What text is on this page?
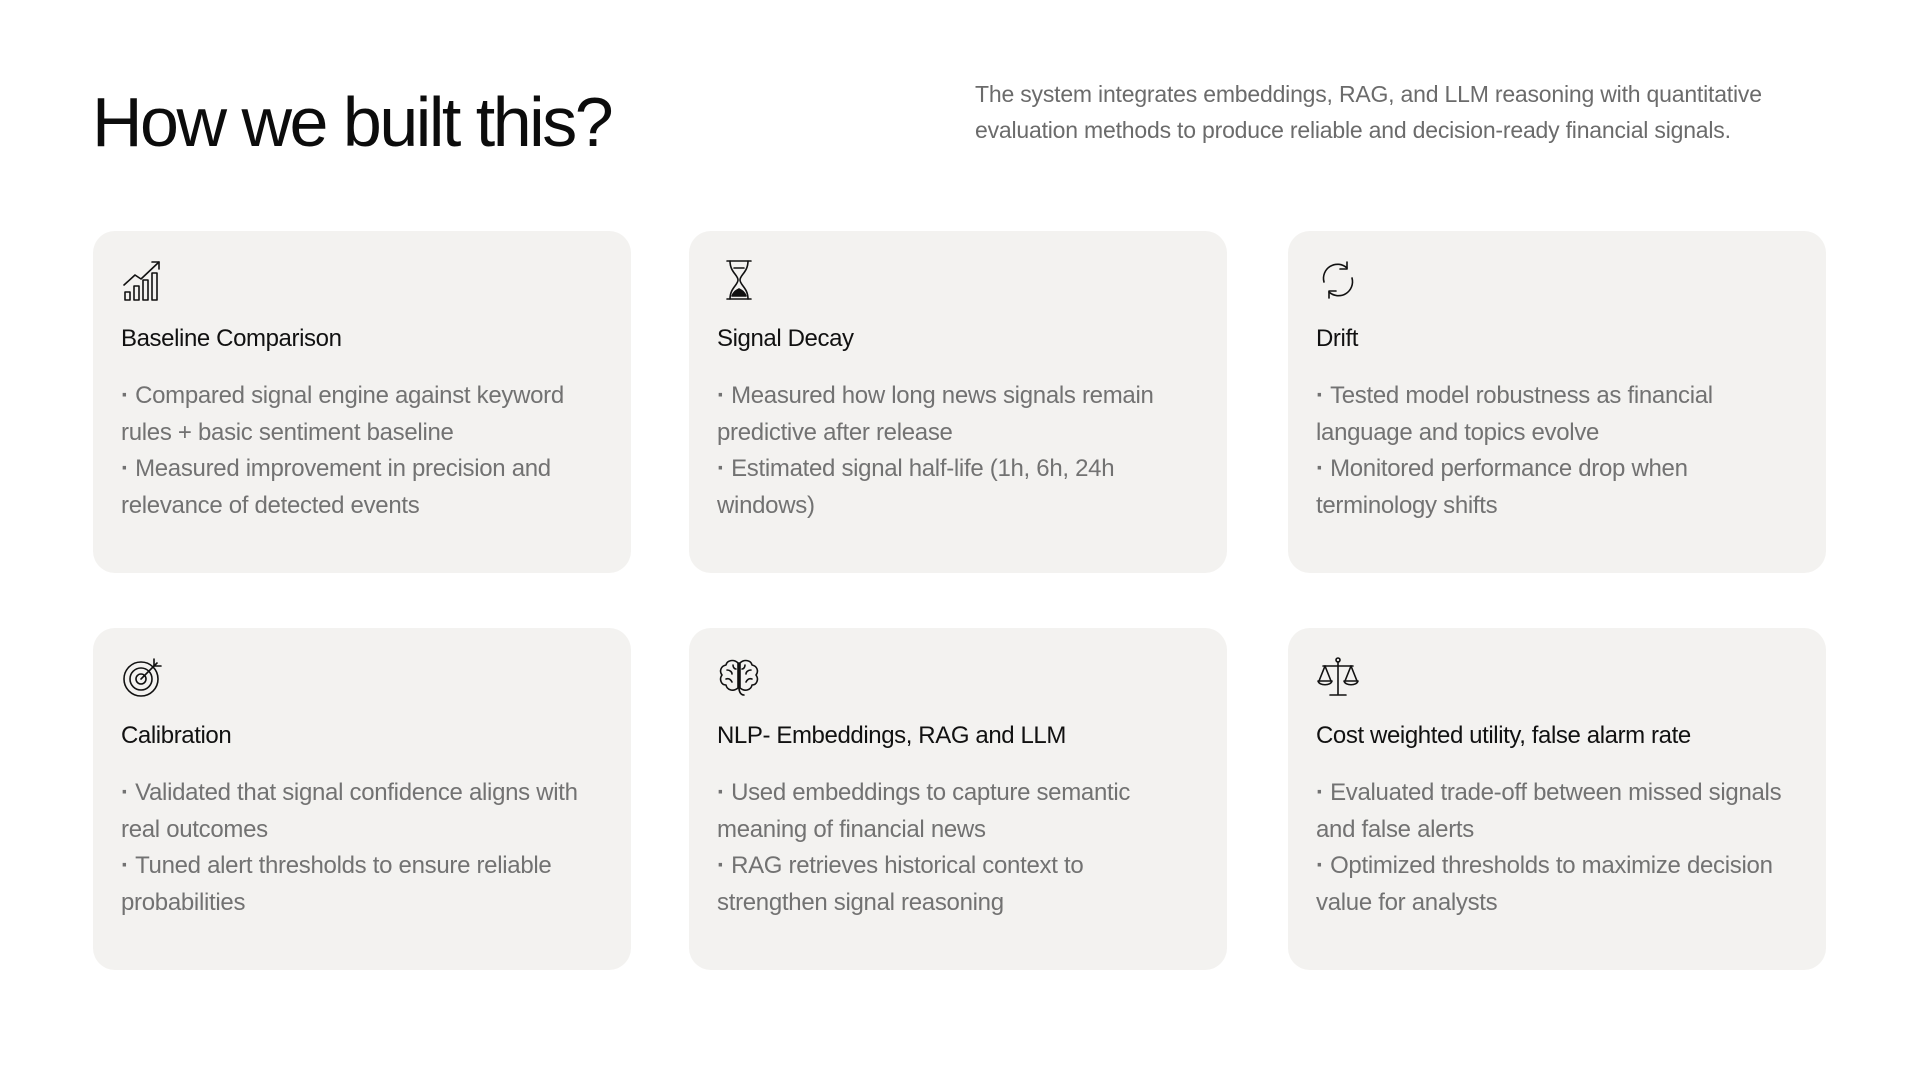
How we built this?	The system integrates embeddings, RAG, and LLM reasoning with quantitative evaluation methods to produce reliable and decision-ready financial signals.

Baseline Comparison
· Compared signal engine against keyword rules + basic sentiment baseline
· Measured improvement in precision and relevance of detected events
Signal Decay
· Measured how long news signals remain predictive after release
· Estimated signal half-life (1h, 6h, 24h windows)
Drift
· Tested model robustness as financial language and topics evolve
· Monitored performance drop when terminology shifts
Calibration
· Validated that signal confidence aligns with real outcomes
· Tuned alert thresholds to ensure reliable probabilities
NLP- Embeddings, RAG and LLM
· Used embeddings to capture semantic meaning of financial news
· RAG retrieves historical context to strengthen signal reasoning
Cost weighted utility, false alarm rate
· Evaluated trade-off between missed signals and false alerts
· Optimized thresholds to maximize decision value for analysts
